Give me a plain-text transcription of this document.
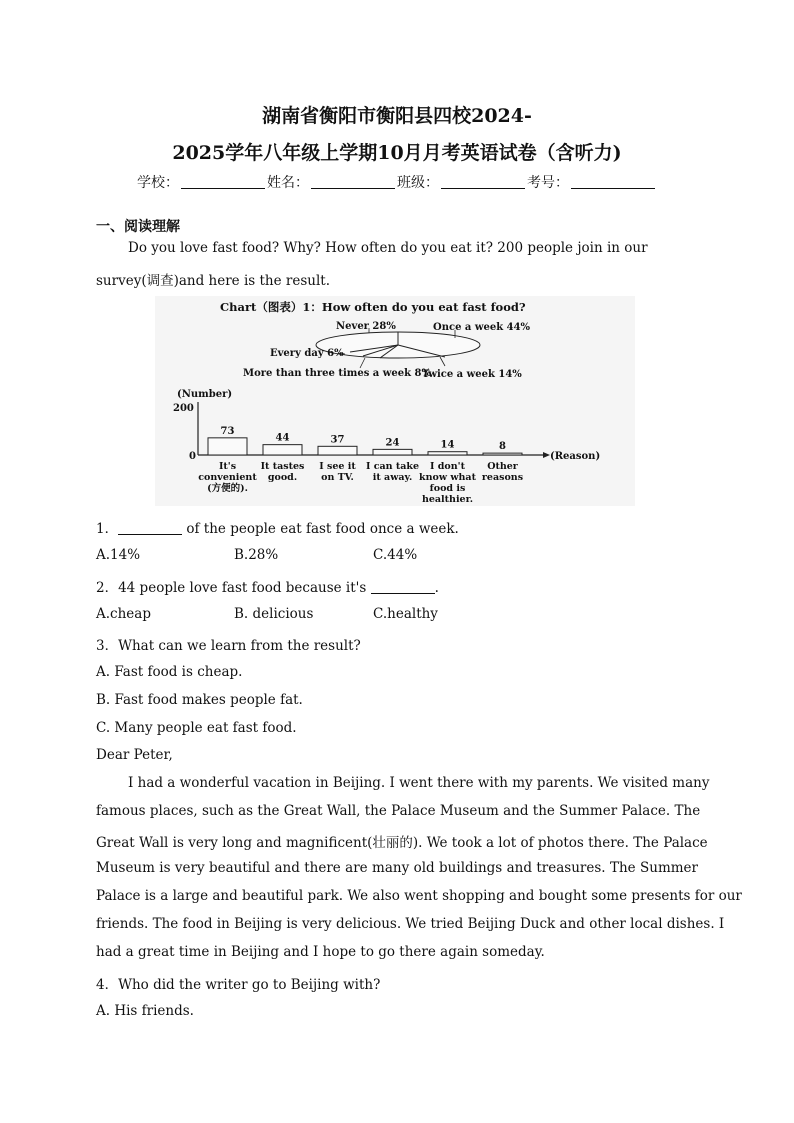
湖南省衡阳市衡阳县四校2024-
2025学年八年级上学期10月月考英语试卷（含听力)
学校：	姓名：	班级：	考号：
一、阅读理解
Do you love fast food? Why? How often do you eat it? 200 people join in our
survey(调查)and here is the result.
Chart（图表）1：How often do you eat fast food?
Never 28%	Once a week 44%
Twice a week 14%
More than three times a week 8%
Every day 6%
(Number)
200
0	(Reason)
73
It's
convenient
(方便的).
44
It tastes
good.
37
I see it
on TV.
24
I can take
it away.
14
I don't
know what
food is
healthier.
8
Other
reasons
1．	of the people eat fast food once a week.
A.14%	B.28%	C.44%
2．44 people love fast food because it's	.
A.cheap	B. delicious	C.healthy
3．What can we learn from the result?
A. Fast food is cheap.
B. Fast food makes people fat.
C. Many people eat fast food.
Dear Peter,
I had a wonderful vacation in Beijing. I went there with my parents. We visited many
famous places, such as the Great Wall, the Palace Museum and the Summer Palace. The
Great Wall is very long and magnificent(壮丽的). We took a lot of photos there. The Palace
Museum is very beautiful and there are many old buildings and treasures. The Summer
Palace is a large and beautiful park. We also went shopping and bought some presents for our
friends. The food in Beijing is very delicious. We tried Beijing Duck and other local dishes. I
had a great time in Beijing and I hope to go there again someday.
4．Who did the writer go to Beijing with?
A. His friends.
